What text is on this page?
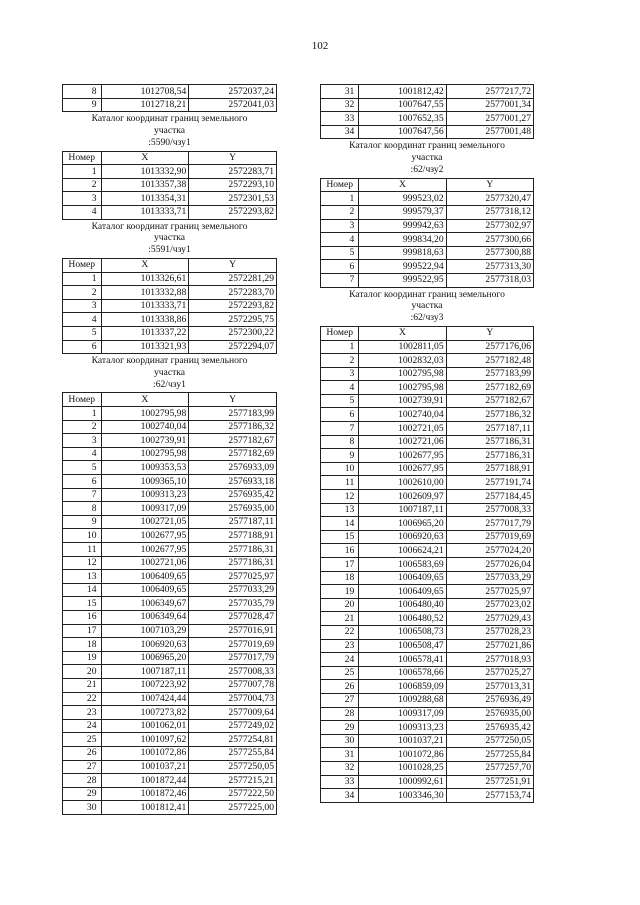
102
8	1012708,54	2572037,24
9	1012718,21	2572041,03
Каталог координат границ земельного
участка
:5590/чзу1
Номер	X	Y
1	1013332,90	2572283,71
2	1013357,38	2572293,10
3	1013354,31	2572301,53
4	1013333,71	2572293,82
Каталог координат границ земельного
участка
:5591/чзу1
Номер	X	Y
1	1013326,61	2572281,29
2	1013332,88	2572283,70
3	1013333,71	2572293,82
4	1013338,86	2572295,75
5	1013337,22	2572300,22
6	1013321,93	2572294,07
Каталог координат границ земельного
участка
:62/чзу1
Номер	X	Y
1	1002795,98	2577183,99
2	1002740,04	2577186,32
3	1002739,91	2577182,67
4	1002795,98	2577182,69
5	1009353,53	2576933,09
6	1009365,10	2576933,18
7	1009313,23	2576935,42
8	1009317,09	2576935,00
9	1002721,05	2577187,11
10	1002677,95	2577188,91
11	1002677,95	2577186,31
12	1002721,06	2577186,31
13	1006409,65	2577025,97
14	1006409,65	2577033,29
15	1006349,67	2577035,79
16	1006349,64	2577028,47
17	1007103,29	2577016,91
18	1006920,63	2577019,69
19	1006965,20	2577017,79
20	1007187,11	2577008,33
21	1007223,92	2577007,78
22	1007424,44	2577004,73
23	1007273,82	2577009,64
24	1001062,01	2577249,02
25	1001097,62	2577254,81
26	1001072,86	2577255,84
27	1001037,21	2577250,05
28	1001872,44	2577215,21
29	1001872,46	2577222,50
30	1001812,41	2577225,00
31	1001812,42	2577217,72
32	1007647,55	2577001,34
33	1007652,35	2577001,27
34	1007647,56	2577001,48
Каталог координат границ земельного
участка
:62/чзу2
Номер	X	Y
1	999523,02	2577320,47
2	999579,37	2577318,12
3	999942,63	2577302,97
4	999834,20	2577300,66
5	999818,63	2577300,88
6	999522,94	2577313,30
7	999522,95	2577318,03
Каталог координат границ земельного
участка
:62/чзу3
Номер	X	Y
1	1002811,05	2577176,06
2	1002832,03	2577182,48
3	1002795,98	2577183,99
4	1002795,98	2577182,69
5	1002739,91	2577182,67
6	1002740,04	2577186,32
7	1002721,05	2577187,11
8	1002721,06	2577186,31
9	1002677,95	2577186,31
10	1002677,95	2577188,91
11	1002610,00	2577191,74
12	1002609,97	2577184,45
13	1007187,11	2577008,33
14	1006965,20	2577017,79
15	1006920,63	2577019,69
16	1006624,21	2577024,20
17	1006583,69	2577026,04
18	1006409,65	2577033,29
19	1006409,65	2577025,97
20	1006480,40	2577023,02
21	1006480,52	2577029,43
22	1006508,73	2577028,23
23	1006508,47	2577021,86
24	1006578,41	2577018,93
25	1006578,66	2577025,27
26	1006859,09	2577013,31
27	1009288,68	2576936,49
28	1009317,09	2576935,00
29	1009313,23	2576935,42
30	1001037,21	2577250,05
31	1001072,86	2577255,84
32	1001028,25	2577257,70
33	1000992,61	2577251,91
34	1003346,30	2577153,74
